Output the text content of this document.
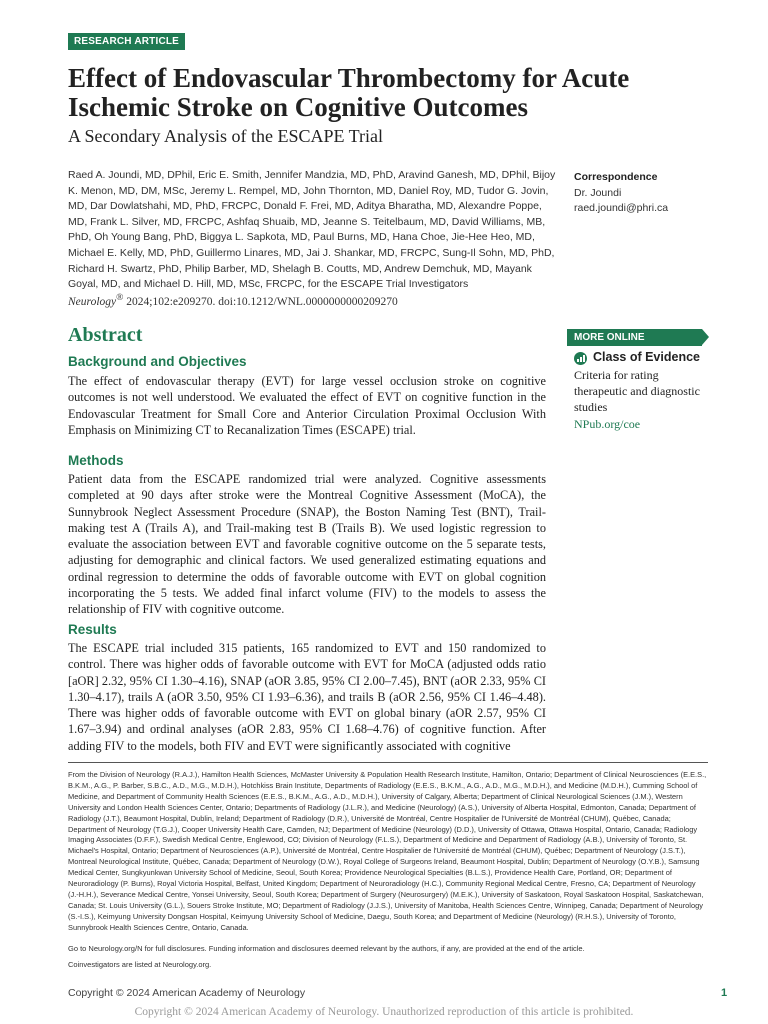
RESEARCH ARTICLE
Effect of Endovascular Thrombectomy for Acute Ischemic Stroke on Cognitive Outcomes
A Secondary Analysis of the ESCAPE Trial
Raed A. Joundi, MD, DPhil, Eric E. Smith, Jennifer Mandzia, MD, PhD, Aravind Ganesh, MD, DPhil, Bijoy K. Menon, MD, DM, MSc, Jeremy L. Rempel, MD, John Thornton, MD, Daniel Roy, MD, Tudor G. Jovin, MD, Dar Dowlatshahi, MD, PhD, FRCPC, Donald F. Frei, MD, Aditya Bharatha, MD, Alexandre Poppe, MD, Frank L. Silver, MD, FRCPC, Ashfaq Shuaib, MD, Jeanne S. Teitelbaum, MD, David Williams, MB, PhD, Oh Young Bang, PhD, Biggya L. Sapkota, MD, Paul Burns, MD, Hana Choe, Jie-Hee Heo, MD, Michael E. Kelly, MD, PhD, Guillermo Linares, MD, Jai J. Shankar, MD, FRCPC, Sung-Il Sohn, MD, PhD, Richard H. Swartz, PhD, Philip Barber, MD, Shelagh B. Coutts, MD, Andrew Demchuk, MD, Mayank Goyal, MD, and Michael D. Hill, MD, MSc, FRCPC, for the ESCAPE Trial Investigators
Neurology® 2024;102:e209270. doi:10.1212/WNL.0000000000209270
Correspondence
Dr. Joundi
raed.joundi@phri.ca
Abstract
Background and Objectives

The effect of endovascular therapy (EVT) for large vessel occlusion stroke on cognitive outcomes is not well understood. We evaluated the effect of EVT on cognitive function in the Endovascular Treatment for Small Core and Anterior Circulation Proximal Occlusion With Emphasis on Minimizing CT to Recanalization Times (ESCAPE) trial.

Methods

Patient data from the ESCAPE randomized trial were analyzed. Cognitive assessments completed at 90 days after stroke were the Montreal Cognitive Assessment (MoCA), the Sunnybrook Neglect Assessment Procedure (SNAP), the Boston Naming Test (BNT), Trail-making test A (Trails A), and Trail-making test B (Trails B). We used logistic regression to evaluate the association between EVT and favorable cognitive outcome on the 5 separate tests, adjusting for demographic and clinical factors. We used generalized estimating equations and ordinal regression to determine the odds of favorable outcome with EVT on global cognition incorporating the 5 tests. We added final infarct volume (FIV) to the models to assess the relationship of FIV with cognitive outcome.

Results

The ESCAPE trial included 315 patients, 165 randomized to EVT and 150 randomized to control. There was higher odds of favorable outcome with EVT for MoCA (adjusted odds ratio [aOR] 2.32, 95% CI 1.30–4.16), SNAP (aOR 3.85, 95% CI 2.00–7.45), BNT (aOR 2.33, 95% CI 1.30–4.17), trails A (aOR 3.50, 95% CI 1.93–6.36), and trails B (aOR 2.56, 95% CI 1.46–4.48). There was higher odds of favorable outcome with EVT on global binary (aOR 2.57, 95% CI 1.67–3.94) and ordinal analyses (aOR 2.83, 95% CI 1.68–4.76) of cognitive function. After adding FIV to the models, both FIV and EVT were significantly associated with cognitive

MORE ONLINE
Class of Evidence
Criteria for rating therapeutic and diagnostic studies
NPub.org/coe

From the Division of Neurology (R.A.J.), Hamilton Health Sciences, McMaster University & Population Health Research Institute, Hamilton, Ontario; Department of Clinical Neurosciences (E.E.S., B.K.M., A.G., P. Barber, S.B.C., A.D., M.G., M.D.H.), Hotchkiss Brain Institute, Departments of Radiology (E.E.S., B.K.M., A.G., A.D., M.G., M.D.H.), and Medicine (M.D.H.), Cumming School of Medicine, and Department of Community Health Sciences (E.E.S., B.K.M., A.G., A.D., M.D.H.), University of Calgary, Alberta; Department of Clinical Neurological Sciences (J.M.), Western University and London Health Sciences Center, Ontario; Departments of Radiology (J.L.R.), and Medicine (Neurology) (A.S.), University of Alberta Hospital, Edmonton, Canada; Department of Radiology (J.T.), Beaumont Hospital, Dublin, Ireland; Department of Radiology (D.R.), Université de Montréal, Centre Hospitalier de l'Université de Montréal (CHUM), Québec, Canada; Department of Neurology (T.G.J.), Cooper University Health Care, Camden, NJ; Department of Medicine (Neurology) (D.D.), University of Ottawa, Ottawa Hospital, Ontario, Canada; Radiology Imaging Associates (D.F.F.), Swedish Medical Centre, Englewood, CO; Division of Neurology (F.L.S.), Department of Medicine and Department of Radiology (A.B.), University of Toronto, St. Michael's Hospital, Ontario; Department of Neurosciences (A.P.), Université de Montréal, Centre Hospitalier de l'Université de Montréal (CHUM), Québec; Department of Neurology (J.S.T.), Montreal Neurological Institute, Québec, Canada; Department of Neurology (D.W.), Royal College of Surgeons Ireland, Beaumont Hospital, Dublin; Department of Neurology (O.Y.B.), Samsung Medical Center, Sungkyunkwan University School of Medicine, Seoul, South Korea; Providence Neurological Specialties (B.L.S.), Providence Health Care, Portland, OR; Department of Neuroradiology (P. Burns), Royal Victoria Hospital, Belfast, United Kingdom; Department of Neuroradiology (H.C.), Community Regional Medical Centre, Fresno, CA; Department of Neurology (J.-H.H.), Severance Medical Centre, Yonsei University, Seoul, South Korea; Department of Surgery (Neurosurgery) (M.E.K.), University of Saskatoon, Royal Saskatoon Hospital, Saskatchewan, Canada; St. Louis University (G.L.), Souers Stroke Institute, MO; Department of Radiology (J.J.S.), University of Manitoba, Health Sciences Centre, Winnipeg, Canada; Department of Neurology (S.-I.S.), Keimyung University Dongsan Hospital, Keimyung University School of Medicine, Daegu, South Korea; and Department of Medicine (Neurology) (R.H.S.), University of Toronto, Sunnybrook Health Sciences Centre, Ontario, Canada.

Go to Neurology.org/N for full disclosures. Funding information and disclosures deemed relevant by the authors, if any, are provided at the end of the article.
Coinvestigators are listed at Neurology.org.
Copyright © 2024 American Academy of Neurology	1
Copyright © 2024 American Academy of Neurology. Unauthorized reproduction of this article is prohibited.
